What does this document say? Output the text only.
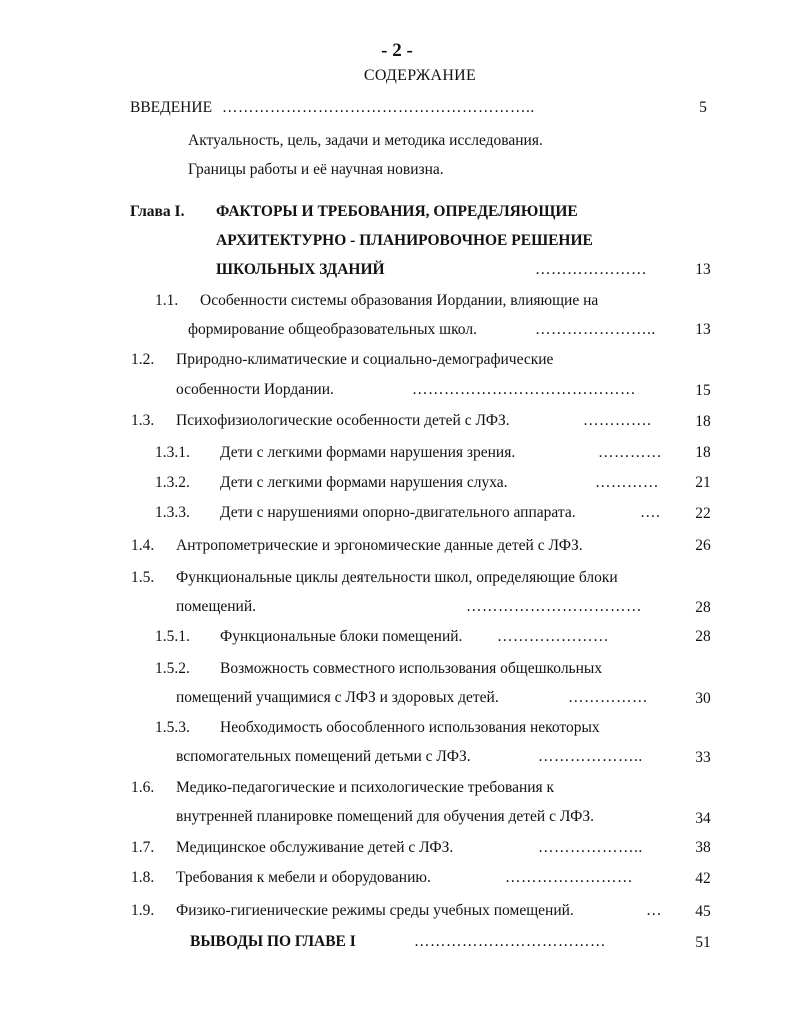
- 2 -
СОДЕРЖАНИЕ
ВВЕДЕНИЕ …………………………………………………..	5
Актуальность, цель, задачи и методика исследования.
Границы работы и её научная новизна.
Глава I. ФАКТОРЫ И ТРЕБОВАНИЯ, ОПРЕДЕЛЯЮЩИЕ
АРХИТЕКТУРНО - ПЛАНИРОВОЧНОЕ РЕШЕНИЕ
ШКОЛЬНЫХ ЗДАНИЙ	…………………	13
1.1. Особенности системы образования Иордании, влияющие на
формирование общеобразовательных школ.	…………………..	13
1.2. Природно-климатические и социально-демографические
особенности Иордании.	……………………………………	15
1.3. Психофизиологические особенности детей с ЛФЗ.	………….	18
1.3.1. Дети с легкими формами нарушения зрения.	…………	18
1.3.2. Дети с легкими формами нарушения слуха.	…………	21
1.3.3. Дети с нарушениями опорно-двигательного аппарата.	….	22
1.4. Антропометрические и эргономические данные детей с ЛФЗ.	26
1.5. Функциональные циклы деятельности школ, определяющие блоки
помещений.	……………………………	28
1.5.1. Функциональные блоки помещений. …………………	28
1.5.2. Возможность совместного использования общешкольных
помещений учащимися с ЛФЗ и здоровых детей.	……………	30
1.5.3. Необходимость обособленного использования некоторых
вспомогательных помещений детьми с ЛФЗ.	………………..	33
1.6. Медико-педагогические и психологические требования к
внутренней планировке помещений для обучения детей с ЛФЗ.	34
1.7. Медицинское обслуживание детей с ЛФЗ.	………………..	38
1.8. Требования к мебели и оборудованию.	……………………	42
1.9. Физико-гигиенические режимы среды учебных помещений.	…	45
ВЫВОДЫ ПО ГЛАВЕ I	………………………………	51
